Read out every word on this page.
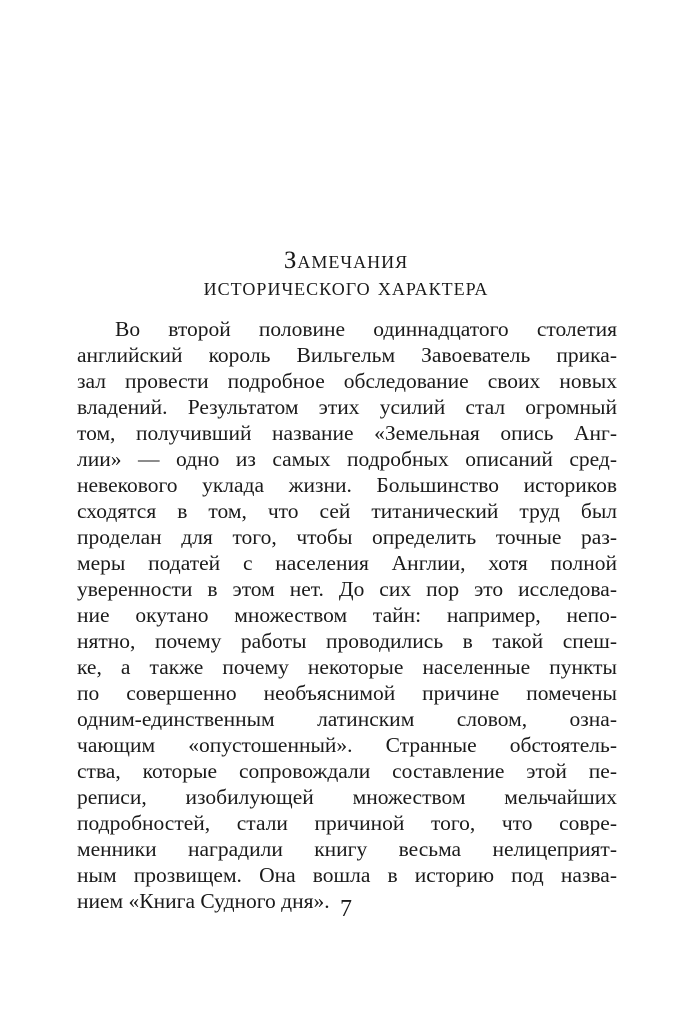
Замечания
исторического характера
Во второй половине одиннадцатого столетия
английский король Вильгельм Завоеватель прика-
зал провести подробное обследование своих новых
владений. Результатом этих усилий стал огромный
том, получивший название «Земельная опись Анг-
лии» — одно из самых подробных описаний сред-
невекового уклада жизни. Большинство историков
сходятся в том, что сей титанический труд был
проделан для того, чтобы определить точные раз-
меры податей с населения Англии, хотя полной
уверенности в этом нет. До сих пор это исследова-
ние окутано множеством тайн: например, непо-
нятно, почему работы проводились в такой спеш-
ке, а также почему некоторые населенные пункты
по совершенно необъяснимой причине помечены
одним-единственным латинским словом, озна-
чающим «опустошенный». Странные обстоятель-
ства, которые сопровождали составление этой пе-
реписи, изобилующей множеством мельчайших
подробностей, стали причиной того, что совре-
менники наградили книгу весьма нелицеприят-
ным прозвищем. Она вошла в историю под назва-
нием «Книга Судного дня». 7
